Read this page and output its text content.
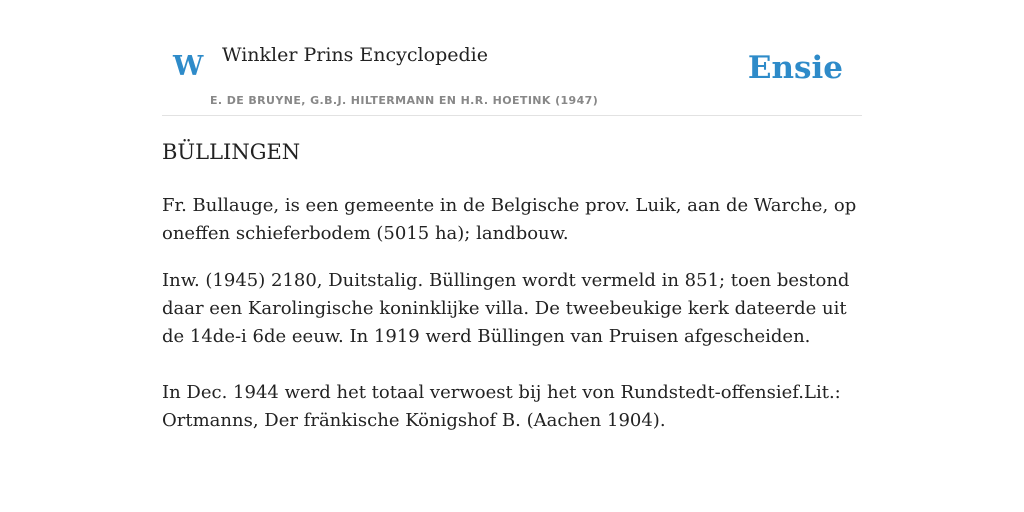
W Winkler Prins Encyclopedie
E. DE BRUYNE, G.B.J. HILTERMANN EN H.R. HOETINK (1947)
Ensie
BÜLLINGEN

Fr. Bullauge, is een gemeente in de Belgische prov. Luik, aan de Warche, op oneffen schieferbodem (5015 ha); landbouw.

Inw. (1945) 2180, Duitstalig. Büllingen wordt vermeld in 851; toen bestond daar een Karolingische koninklijke villa. De tweebeukige kerk dateerde uit de 14de-i 6de eeuw. In 1919 werd Büllingen van Pruisen afgescheiden.

In Dec. 1944 werd het totaal verwoest bij het von Rundstedt-offensief.Lit.: Ortmanns, Der fränkische Königshof B. (Aachen 1904).
